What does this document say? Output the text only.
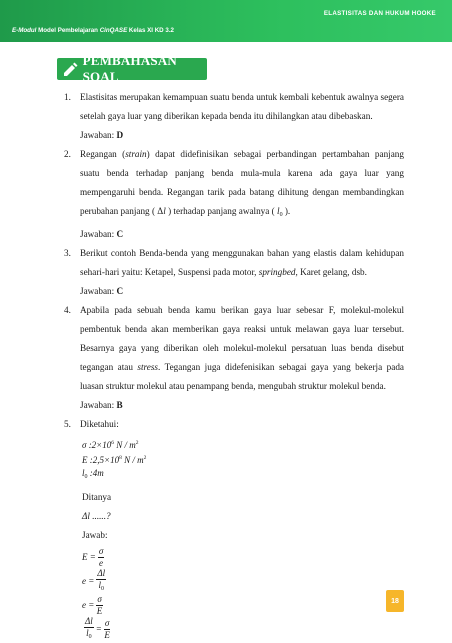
ELASTISITAS DAN HUKUM HOOKE
E-Modul Model Pembelajaran CinQASE Kelas XI KD 3.2
PEMBAHASAN SOAL
1. Elastisitas merupakan kemampuan suatu benda untuk kembali kebentuk awalnya segera setelah gaya luar yang diberikan kepada benda itu dihilangkan atau dibebaskan.
Jawaban: D
2. Regangan (strain) dapat didefinisikan sebagai perbandingan pertambahan panjang suatu benda terhadap panjang benda mula-mula karena ada gaya luar yang mempengaruhi benda. Regangan tarik pada batang dihitung dengan membandingkan perubahan panjang ( Δl ) terhadap panjang awalnya ( $l_0$ ).
Jawaban: C
3. Berikut contoh Benda-benda yang menggunakan bahan yang elastis dalam kehidupan sehari-hari yaitu: Ketapel, Suspensi pada motor, springbed, Karet gelang, dsb.
Jawaban: C
4. Apabila pada sebuah benda kamu berikan gaya luar sebesar F, molekul-molekul pembentuk benda akan memberikan gaya reaksi untuk melawan gaya luar tersebut. Besarnya gaya yang diberikan oleh molekul-molekul persatuan luas benda disebut tegangan atau stress. Tegangan juga didefenisikan sebagai gaya yang bekerja pada luasan struktur molekul atau penampang benda, mengubah struktur molekul benda.
Jawaban: B
5. Diketahui:
σ $:2\times 10^6$ N / $m^2$
E $:2,5\times 10^8$ N / $m^2$
$l_0$ :4m
Ditanya
Δl ......?
Jawab:
$E = \frac{\sigma}{e}$
$e = \frac{\Delta l}{l_0}$
$e = \frac{\sigma}{E}$
$\frac{\Delta l}{l_0} = \frac{\sigma}{E}$
18
